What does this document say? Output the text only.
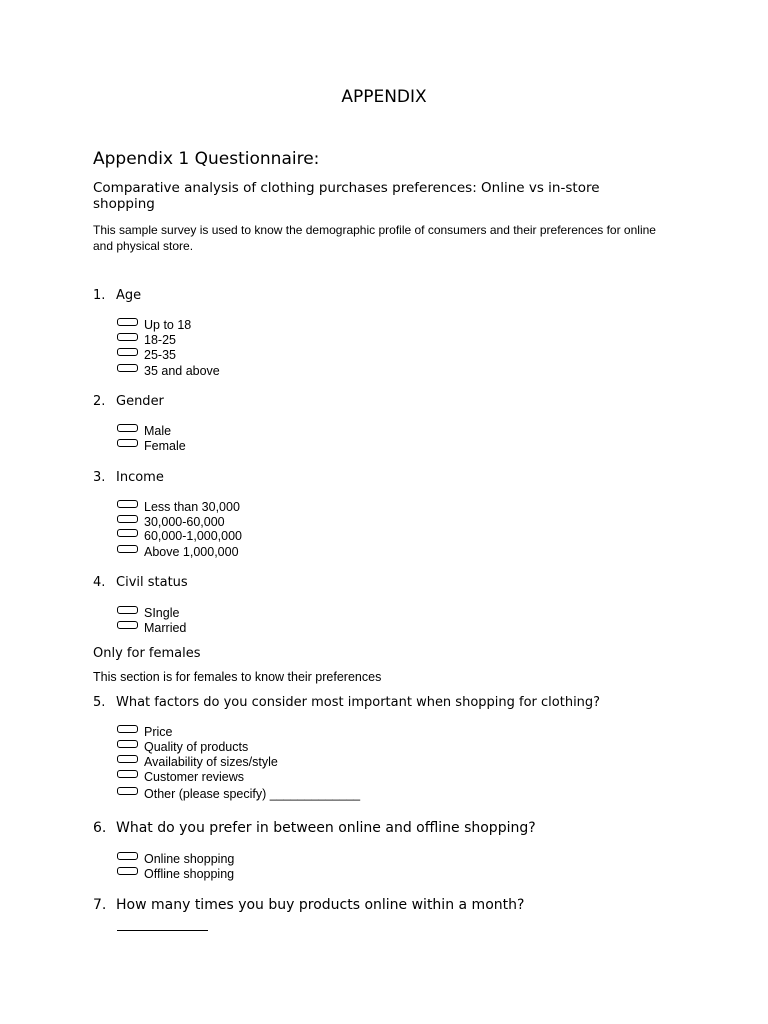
APPENDIX
Appendix 1 Questionnaire:
Comparative analysis of clothing purchases preferences: Online vs in-store shopping
This sample survey is used to know the demographic profile of consumers and their preferences for online and physical store.
1. Age
Up to 18
18-25
25-35
35 and above
2. Gender
Male
Female
3. Income
Less than 30,000
30,000-60,000
60,000-1,000,000
Above 1,000,000
4. Civil status
SIngle
Married
Only for females
This section is for females to know their preferences
5. What factors do you consider most important when shopping for clothing?
Price
Quality of products
Availability of sizes/style
Customer reviews
Other (please specify) _____________
6. What do you prefer in between online and offline shopping?
Online shopping
Offline shopping
7. How many times you buy products online within a month?
